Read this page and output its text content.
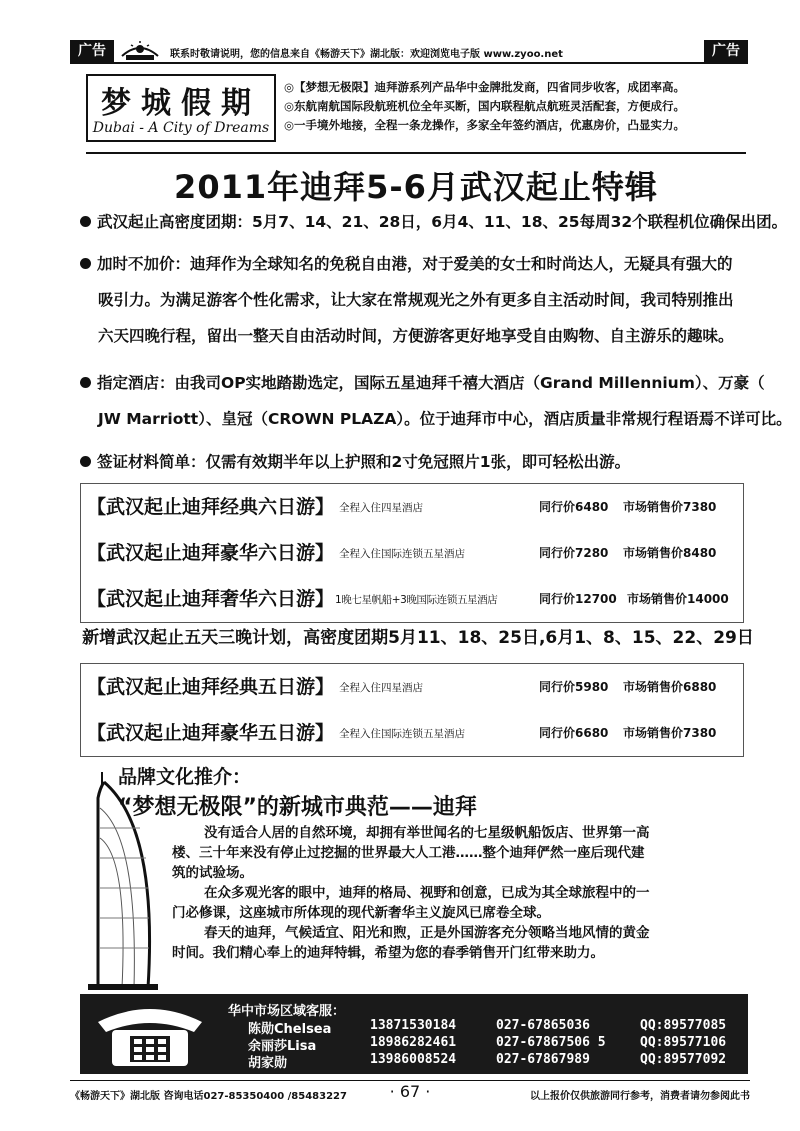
广告	联系时敬请说明，您的信息来自《畅游天下》湖北版：欢迎浏览电子版 www.zyoo.net	广告
梦城假期
Dubai - A City of Dreams
◎【梦想无极限】迪拜游系列产品华中金牌批发商，四省同步收客，成团率高。
◎东航南航国际段航班机位全年买断，国内联程航点航班灵活配套，方便成行。
◎一手境外地接，全程一条龙操作，多家全年签约酒店，优惠房价，凸显实力。
2011年迪拜5-6月武汉起止特辑
武汉起止高密度团期：5月7、14、21、28日，6月4、11、18、25每周32个联程机位确保出团。
加时不加价：迪拜作为全球知名的免税自由港，对于爱美的女士和时尚达人，无疑具有强大的
吸引力。为满足游客个性化需求，让大家在常规观光之外有更多自主活动时间，我司特别推出
六天四晚行程，留出一整天自由活动时间，方便游客更好地享受自由购物、自主游乐的趣味。
指定酒店：由我司OP实地踏勘选定，国际五星迪拜千禧大酒店（Grand Millennium）、万豪（
JW Marriott）、皇冠（CROWN PLAZA）。位于迪拜市中心，酒店质量非常规行程语焉不详可比。
签证材料简单：仅需有效期半年以上护照和2寸免冠照片1张，即可轻松出游。
【武汉起止迪拜经典六日游】 全程入住四星酒店	同行价6480 市场销售价7380
【武汉起止迪拜豪华六日游】 全程入住国际连锁五星酒店	同行价7280 市场销售价8480
【武汉起止迪拜奢华六日游】 1晚七星帆船+3晚国际连锁五星酒店	同行价12700 市场销售价14000
新增武汉起止五天三晚计划，高密度团期5月11、18、25日,6月1、8、15、22、29日
【武汉起止迪拜经典五日游】 全程入住四星酒店	同行价5980 市场销售价6880
【武汉起止迪拜豪华五日游】 全程入住国际连锁五星酒店	同行价6680 市场销售价7380
品牌文化推介：
“梦想无极限”的新城市典范——迪拜

没有适合人居的自然环境，却拥有举世闻名的七星级帆船饭店、世界第一高

楼、三十年来没有停止过挖掘的世界最大人工港……整个迪拜俨然一座后现代建

筑的试验场。

在众多观光客的眼中，迪拜的格局、视野和创意，已成为其全球旅程中的一

门必修课，这座城市所体现的现代新奢华主义旋风已席卷全球。

春天的迪拜，气候适宜、阳光和煦，正是外国游客充分领略当地风情的黄金

时间。我们精心奉上的迪拜特辑，希望为您的春季销售开门红带来助力。

华中市场区域客服：
陈勋Chelsea	13871530184	027-67865036	QQ:89577085
余丽莎Lisa	18986282461	027-67867506 5	QQ:89577106
胡家勋	13986008524	027-67867989	QQ:89577092
《畅游天下》湖北版 咨询电话027-85350400 /85483227	· 67 ·	以上报价仅供旅游同行参考，消费者请勿参阅此书
